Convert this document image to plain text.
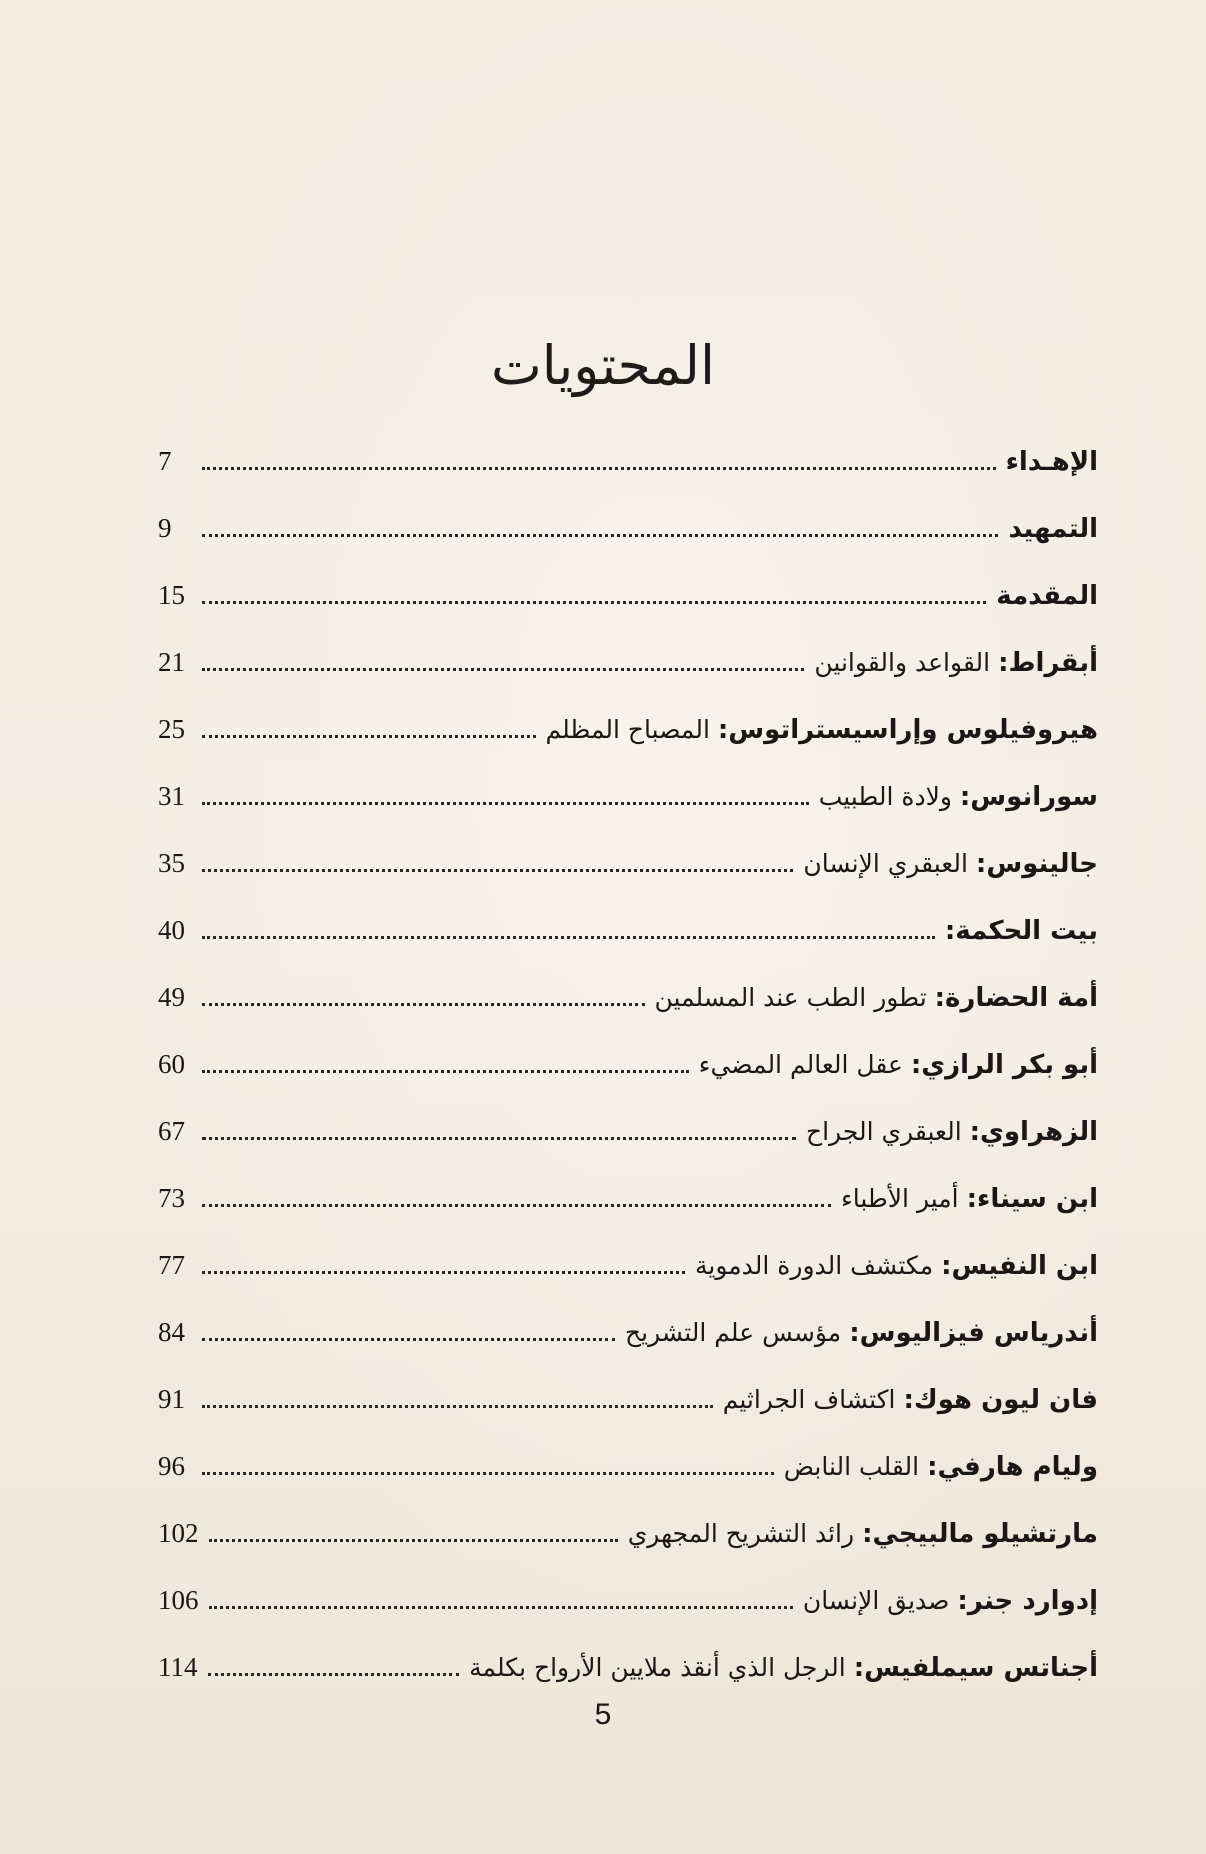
المحتويات
الإهـداء
7
التمهيد
9
المقدمة
15
أبقراط:القواعد والقوانين
21
هيروفيلوس وإراسيستراتوس:المصباح المظلم
25
سورانوس:ولادة الطبيب
31
جالينوس:العبقري الإنسان
35
بيت الحكمة:
40
أمة الحضارة:تطور الطب عند المسلمين
49
أبو بكر الرازي:عقل العالم المضيء
60
الزهراوي:العبقري الجراح
67
ابن سيناء:أمير الأطباء
73
ابن النفيس:مكتشف الدورة الدموية
77
أندرياس فيزاليوس:مؤسس علم التشريح
84
فان ليون هوك:اكتشاف الجراثيم
91
وليام هارفي:القلب النابض
96
مارتشيلو مالبيجي:رائد التشريح المجهري
102
إدوارد جنر:صديق الإنسان
106
أجناتس سيملفيس:الرجل الذي أنقذ ملايين الأرواح بكلمة
114
5
